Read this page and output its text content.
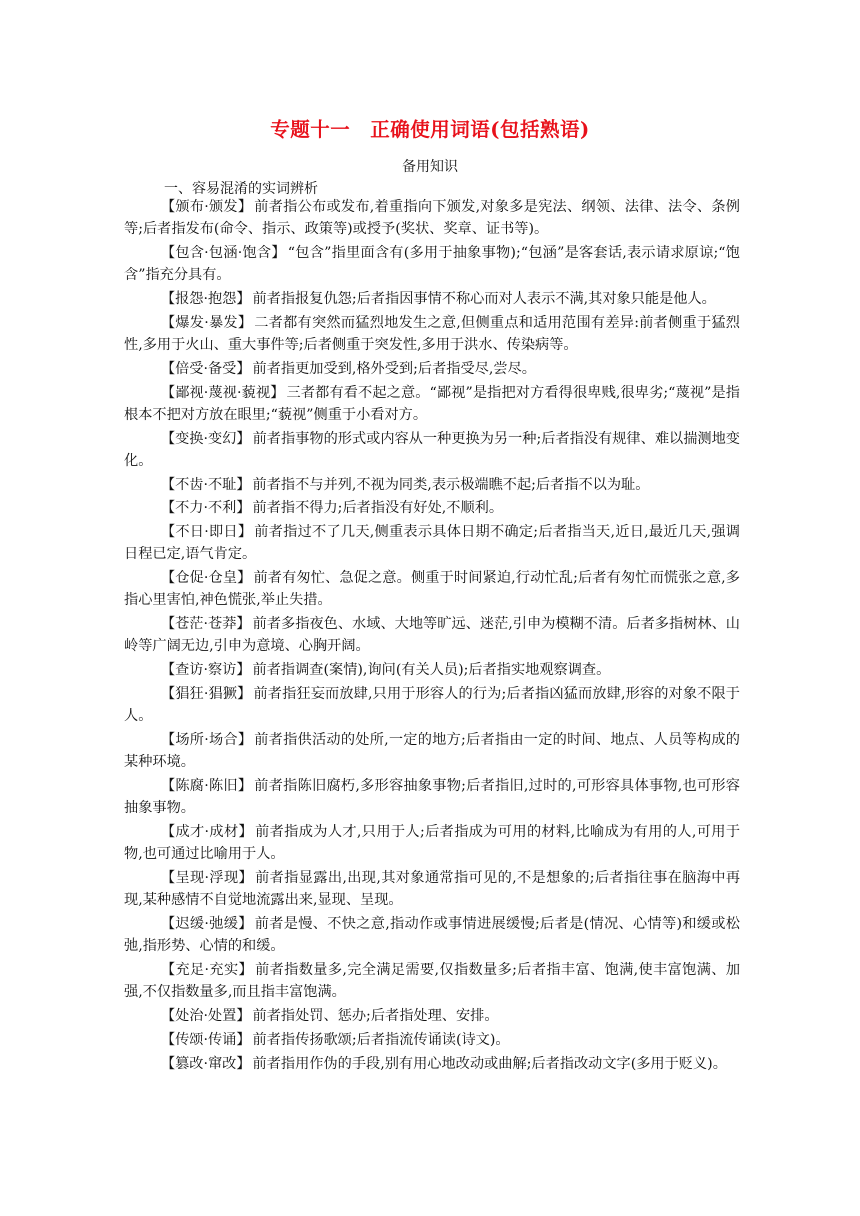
专题十一　正确使用词语(包括熟语)
备用知识
一、容易混淆的实词辨析

【颁布·颁发】 前者指公布或发布,着重指向下颁发,对象多是宪法、纲领、法律、法令、条例等;后者指发布(命令、指示、政策等)或授予(奖状、奖章、证书等)。

【包含·包涵·饱含】 “包含”指里面含有(多用于抽象事物);“包涵”是客套话,表示请求原谅;“饱含”指充分具有。

【报怨·抱怨】 前者指报复仇怨;后者指因事情不称心而对人表示不满,其对象只能是他人。

【爆发·暴发】 二者都有突然而猛烈地发生之意,但侧重点和适用范围有差异:前者侧重于猛烈性,多用于火山、重大事件等;后者侧重于突发性,多用于洪水、传染病等。

【倍受·备受】 前者指更加受到,格外受到;后者指受尽,尝尽。

【鄙视·蔑视·藐视】 三者都有看不起之意。“鄙视”是指把对方看得很卑贱,很卑劣;“蔑视”是指根本不把对方放在眼里;“藐视”侧重于小看对方。

【变换·变幻】 前者指事物的形式或内容从一种更换为另一种;后者指没有规律、难以揣测地变化。

【不齿·不耻】 前者指不与并列,不视为同类,表示极端瞧不起;后者指不以为耻。

【不力·不利】 前者指不得力;后者指没有好处,不顺利。

【不日·即日】 前者指过不了几天,侧重表示具体日期不确定;后者指当天,近日,最近几天,强调日程已定,语气肯定。

【仓促·仓皇】 前者有匆忙、急促之意。侧重于时间紧迫,行动忙乱;后者有匆忙而慌张之意,多指心里害怕,神色慌张,举止失措。

【苍茫·苍莽】 前者多指夜色、水域、大地等旷远、迷茫,引申为模糊不清。后者多指树林、山岭等广阔无边,引申为意境、心胸开阔。

【查访·察访】 前者指调查(案情),询问(有关人员);后者指实地观察调查。

【猖狂·猖獗】 前者指狂妄而放肆,只用于形容人的行为;后者指凶猛而放肆,形容的对象不限于人。

【场所·场合】 前者指供活动的处所,一定的地方;后者指由一定的时间、地点、人员等构成的某种环境。

【陈腐·陈旧】 前者指陈旧腐朽,多形容抽象事物;后者指旧,过时的,可形容具体事物,也可形容抽象事物。

【成才·成材】 前者指成为人才,只用于人;后者指成为可用的材料,比喻成为有用的人,可用于物,也可通过比喻用于人。

【呈现·浮现】 前者指显露出,出现,其对象通常指可见的,不是想象的;后者指往事在脑海中再现,某种感情不自觉地流露出来,显现、呈现。

【迟缓·弛缓】 前者是慢、不快之意,指动作或事情进展缓慢;后者是(情况、心情等)和缓或松弛,指形势、心情的和缓。

【充足·充实】 前者指数量多,完全满足需要,仅指数量多;后者指丰富、饱满,使丰富饱满、加强,不仅指数量多,而且指丰富饱满。

【处治·处置】 前者指处罚、惩办;后者指处理、安排。

【传颂·传诵】 前者指传扬歌颂;后者指流传诵读(诗文)。

【篡改·窜改】 前者指用作伪的手段,别有用心地改动或曲解;后者指改动文字(多用于贬义)。
